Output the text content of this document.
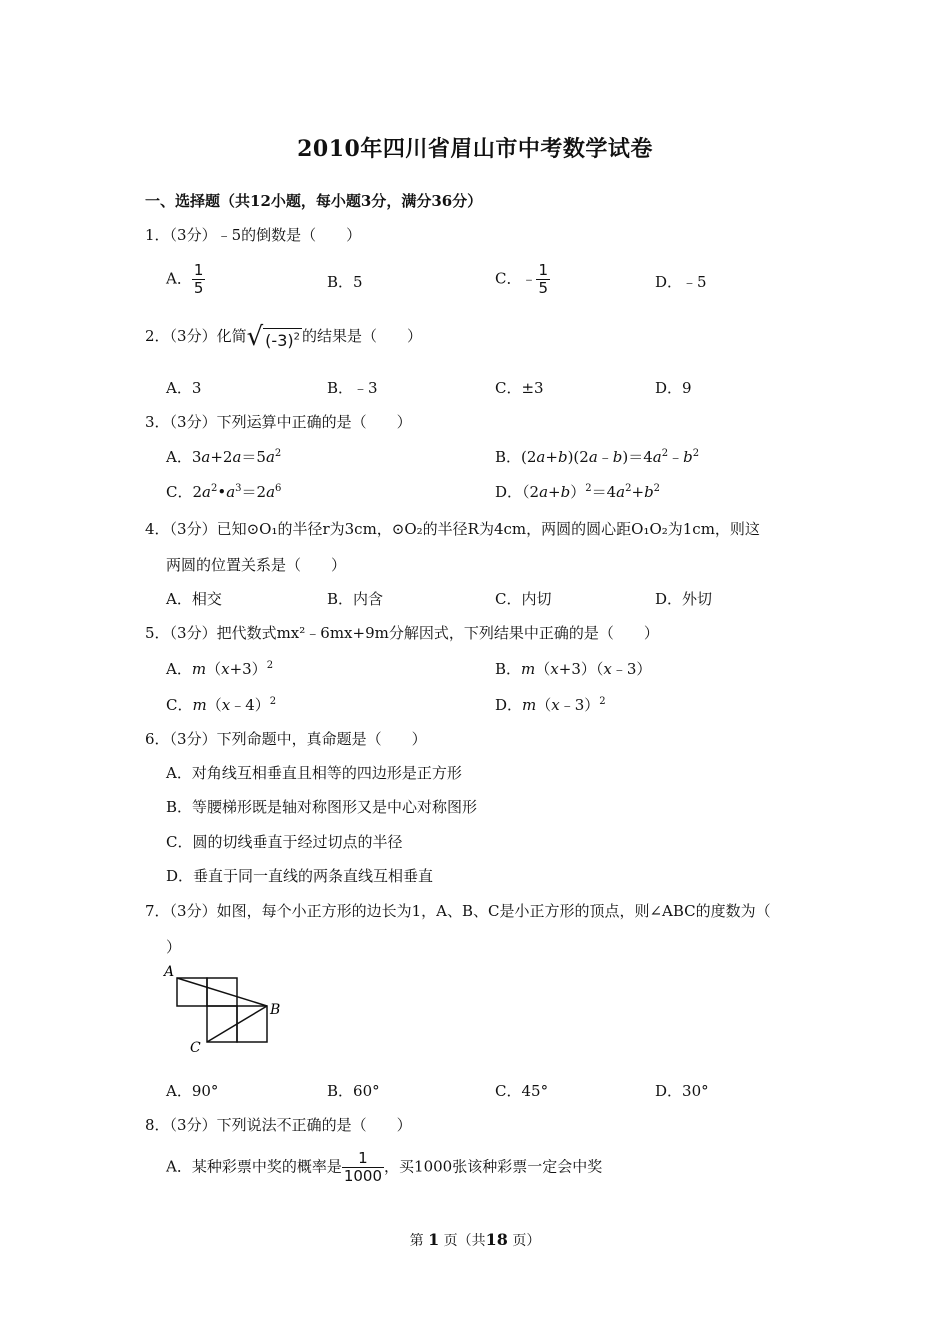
2010年四川省眉山市中考数学试卷
一、选择题（共12小题，每小题3分，满分36分）
1．（3分）﹣5的倒数是（　　）
A． $\frac{1}{5}$	B．5	C．﹣ $\frac{1}{5}$	D．﹣5
2．（3分）化简 √ $(-3)^2$ 的结果是（　　）
A．3	B．﹣3	C．±3	D．9
3．（3分）下列运算中正确的是（　　）
A．$3a+2a=5a^2$	B．$(2a+b)(2a﹣b)=4a^2﹣b^2$
C．$2a^2•a^3=2a^6$	D．$(2a+b)^2=4a^2+b^2$
4．（3分）已知⊙O₁的半径r为3cm，⊙O₂的半径R为4cm，两圆的圆心距O₁O₂为1cm，则这
两圆的位置关系是（　　）
A．相交	B．内含	C．内切	D．外切
5．（3分）把代数式mx²﹣6mx+9m分解因式，下列结果中正确的是（　　）
A．$m(x+3)^2$	B．m（x+3）（x﹣3）
C．m（x﹣4）$^2$	D．m（x﹣3）$^2$
6．（3分）下列命题中，真命题是（　　）
A．对角线互相垂直且相等的四边形是正方形
B．等腰梯形既是轴对称图形又是中心对称图形
C．圆的切线垂直于经过切点的半径
D．垂直于同一直线的两条直线互相垂直
7．（3分）如图，每个小正方形的边长为1，A、B、C是小正方形的顶点，则∠ABC的度数为（
）
A
B
C
A．90°	B．60°	C．45°	D．30°
8．（3分）下列说法不正确的是（　　）
A．某种彩票中奖的概率是 $\frac{1}{1000}$ ，买1000张该种彩票一定会中奖
第 1 页（共18 页）
